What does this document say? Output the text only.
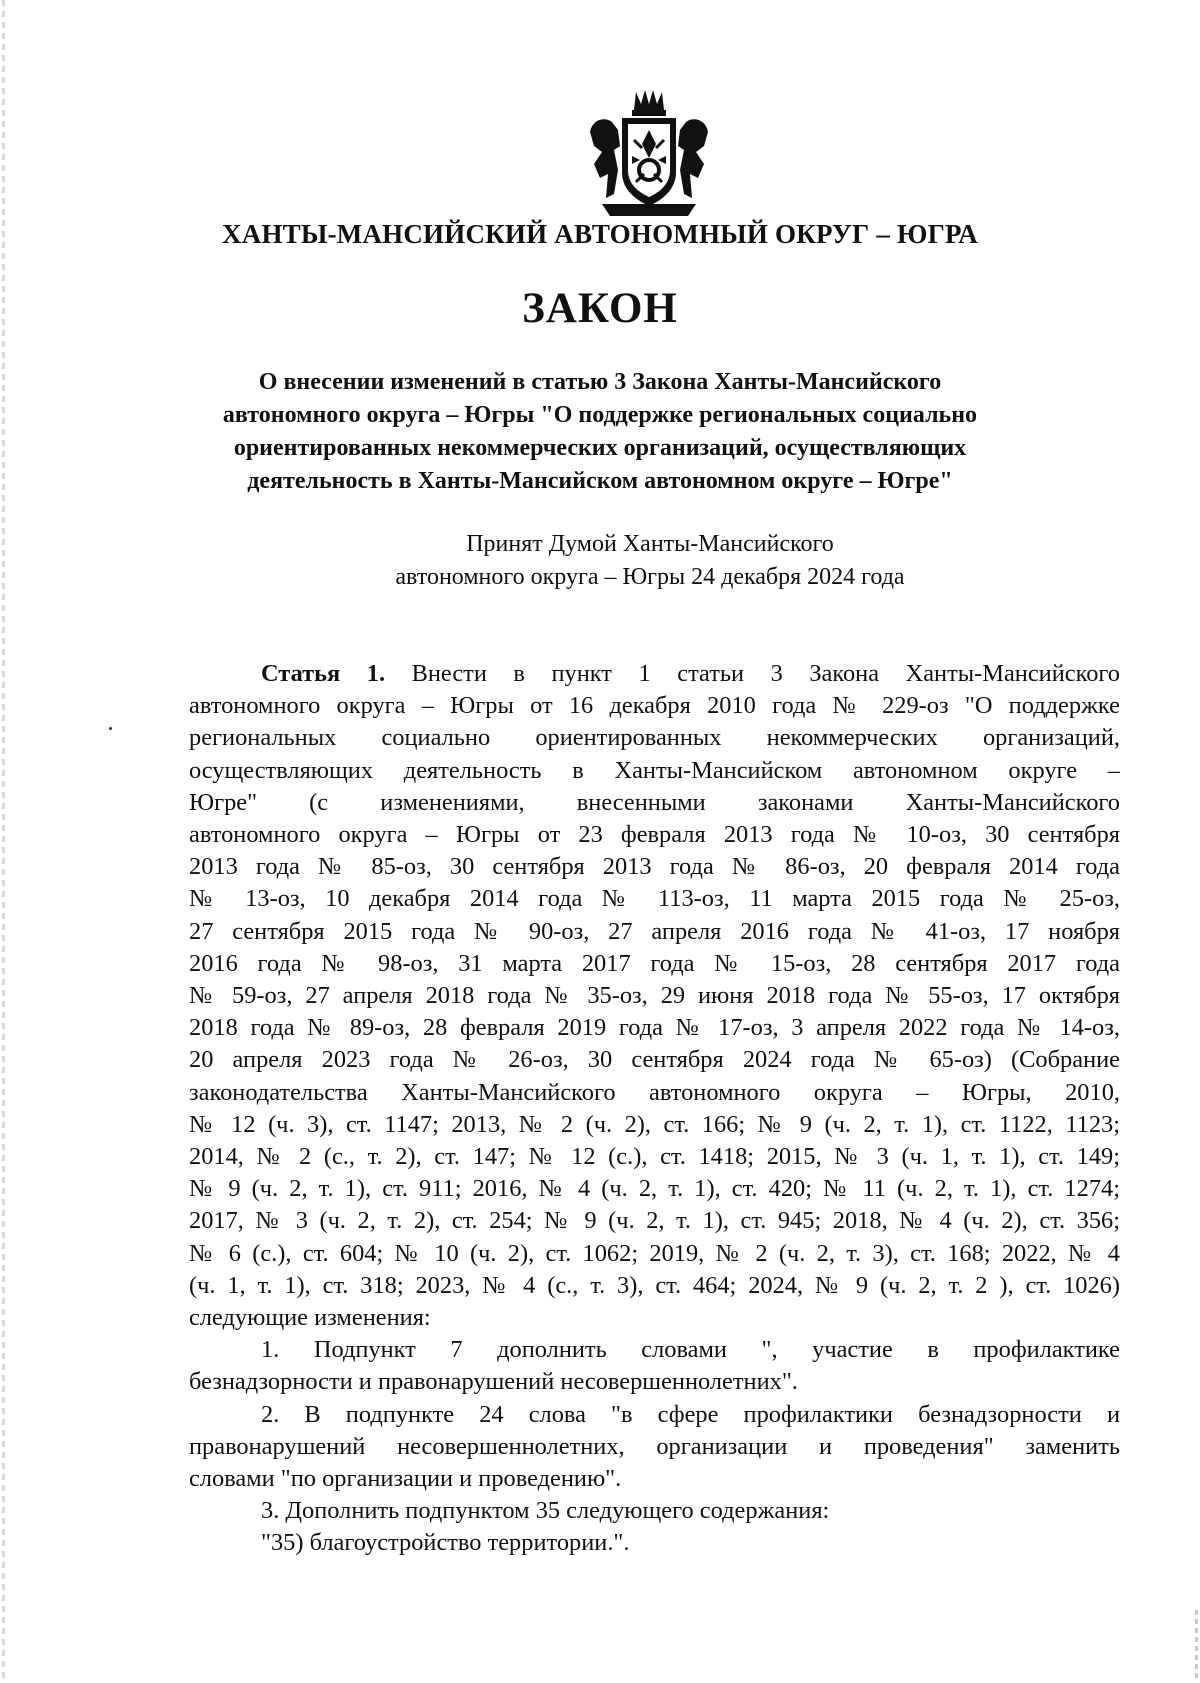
ХАНТЫ-МАНСИЙСКИЙ АВТОНОМНЫЙ ОКРУГ – ЮГРА
ЗАКОН
О внесении изменений в статью 3 Закона Ханты-Мансийского
автономного округа – Югры "О поддержке региональных социально
ориентированных некоммерческих организаций, осуществляющих
деятельность в Ханты-Мансийском автономном округе – Югре"
Принят Думой Ханты-Мансийского
автономного округа – Югры 24 декабря 2024 года
Статья 1. Внести в пункт 1 статьи 3 Закона Ханты-Мансийского
автономного округа – Югры от 16 декабря 2010 года № 229-оз "О поддержке
региональных социально ориентированных некоммерческих организаций,
осуществляющих деятельность в Ханты-Мансийском автономном округе –
Югре" (с изменениями, внесенными законами Ханты-Мансийского
автономного округа – Югры от 23 февраля 2013 года № 10-оз, 30 сентября
2013 года № 85-оз, 30 сентября 2013 года № 86-оз, 20 февраля 2014 года
№ 13-оз, 10 декабря 2014 года № 113-оз, 11 марта 2015 года № 25-оз,
27 сентября 2015 года № 90-оз, 27 апреля 2016 года № 41-оз, 17 ноября
2016 года № 98-оз, 31 марта 2017 года № 15-оз, 28 сентября 2017 года
№ 59-оз, 27 апреля 2018 года № 35-оз, 29 июня 2018 года № 55-оз, 17 октября
2018 года № 89-оз, 28 февраля 2019 года № 17-оз, 3 апреля 2022 года № 14-оз,
20 апреля 2023 года № 26-оз, 30 сентября 2024 года № 65-оз) (Собрание
законодательства Ханты-Мансийского автономного округа – Югры, 2010,
№ 12 (ч. 3), ст. 1147; 2013, № 2 (ч. 2), ст. 166; № 9 (ч. 2, т. 1), ст. 1122, 1123;
2014, № 2 (с., т. 2), ст. 147; № 12 (с.), ст. 1418; 2015, № 3 (ч. 1, т. 1), ст. 149;
№ 9 (ч. 2, т. 1), ст. 911; 2016, № 4 (ч. 2, т. 1), ст. 420; № 11 (ч. 2, т. 1), ст. 1274;
2017, № 3 (ч. 2, т. 2), ст. 254; № 9 (ч. 2, т. 1), ст. 945; 2018, № 4 (ч. 2), ст. 356;
№ 6 (с.), ст. 604; № 10 (ч. 2), ст. 1062; 2019, № 2 (ч. 2, т. 3), ст. 168; 2022, № 4
(ч. 1, т. 1), ст. 318; 2023, № 4 (с., т. 3), ст. 464; 2024, № 9 (ч. 2, т. 2 ), ст. 1026)
следующие изменения:
1. Подпункт 7 дополнить словами ", участие в профилактике
безнадзорности и правонарушений несовершеннолетних".
2. В подпункте 24 слова "в сфере профилактики безнадзорности и
правонарушений несовершеннолетних, организации и проведения" заменить
словами "по организации и проведению".
3. Дополнить подпунктом 35 следующего содержания:
"35) благоустройство территории.".
